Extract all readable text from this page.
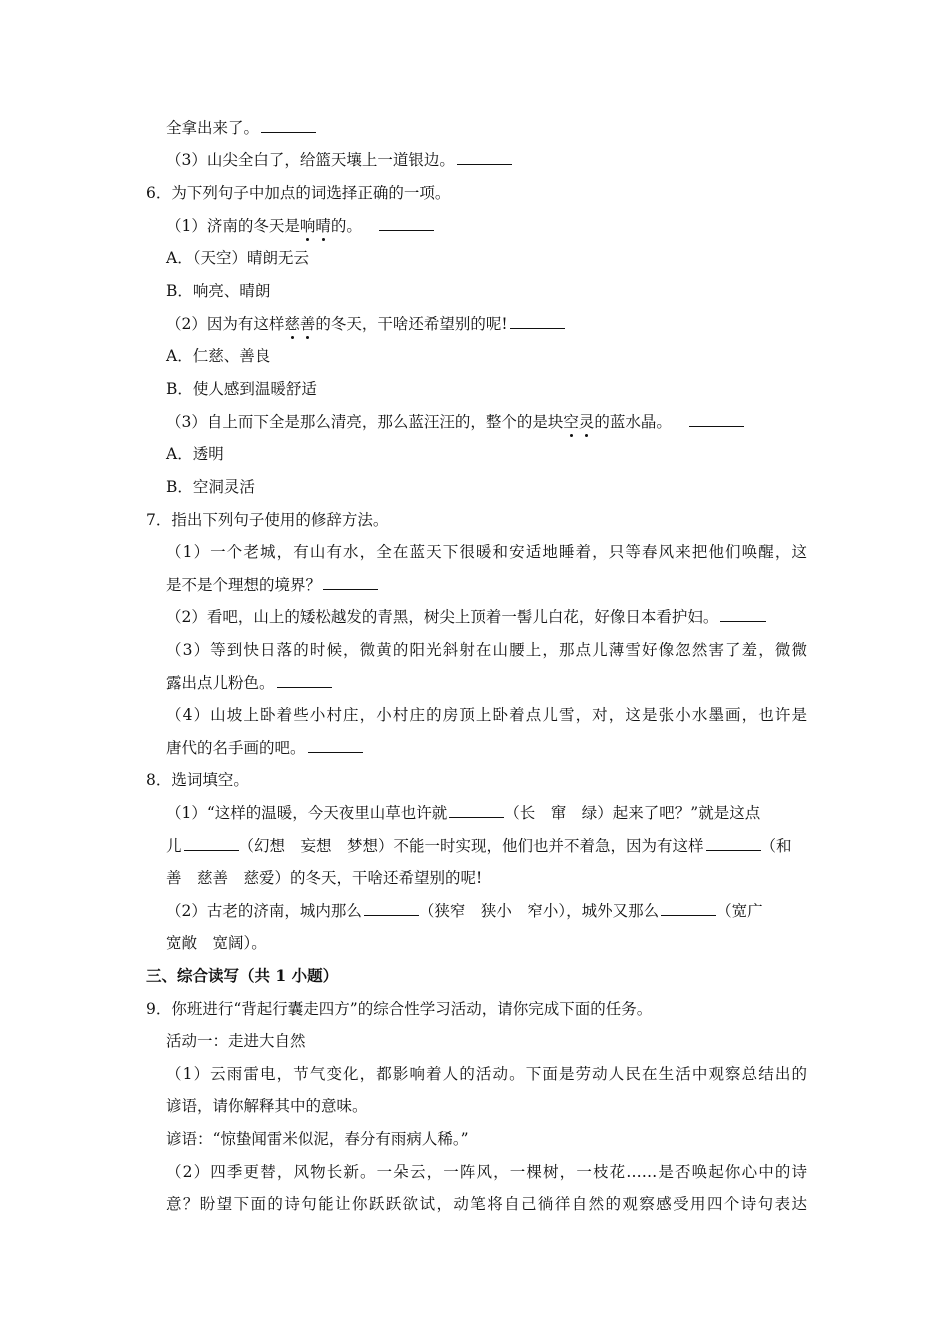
全拿出来了。
（3）山尖全白了，给篮天壤上一道银边。
6．为下列句子中加点的词选择正确的一项。
（1）济南的冬天是响晴的。
A．（天空）晴朗无云
B．响亮、晴朗
（2）因为有这样慈善的冬天，干啥还希望别的呢!
A．仁慈、善良
B．使人感到温暖舒适
（3）自上而下全是那么清亮，那么蓝汪汪的，整个的是块空灵的蓝水晶。
A．透明
B．空洞灵活
7．指出下列句子使用的修辞方法。
（1）一个老城，有山有水，全在蓝天下很暖和安适地睡着，只等春风来把他们唤醒，这
是不是个理想的境界？
（2）看吧，山上的矮松越发的青黑，树尖上顶着一髻儿白花，好像日本看护妇。
（3）等到快日落的时候，微黄的阳光斜射在山腰上，那点儿薄雪好像忽然害了羞，微微
露出点儿粉色。
（4）山坡上卧着些小村庄，小村庄的房顶上卧着点儿雪，对，这是张小水墨画，也许是
唐代的名手画的吧。
8．选词填空。
（1）“这样的温暖，今天夜里山草也许就	（长　窜　绿）起来了吧？”就是这点
儿	（幻想　妄想　梦想）不能一时实现，他们也并不着急，因为有这样	（和
善　慈善　慈爱）的冬天，干啥还希望别的呢!
（2）古老的济南，城内那么	（狭窄　狭小　窄小），城外又那么	（宽广
宽敞　宽阔）。
三、综合读写（共 1 小题）
9．你班进行“背起行囊走四方”的综合性学习活动，请你完成下面的任务。
活动一：走进大自然
（1）云雨雷电，节气变化，都影响着人的活动。下面是劳动人民在生活中观察总结出的
谚语，请你解释其中的意味。
谚语：“惊蛰闻雷米似泥，春分有雨病人稀。”
（2）四季更替，风物长新。一朵云，一阵风，一棵树，一枝花……是否唤起你心中的诗
意？盼望下面的诗句能让你跃跃欲试，动笔将自己徜徉自然的观察感受用四个诗句表达
